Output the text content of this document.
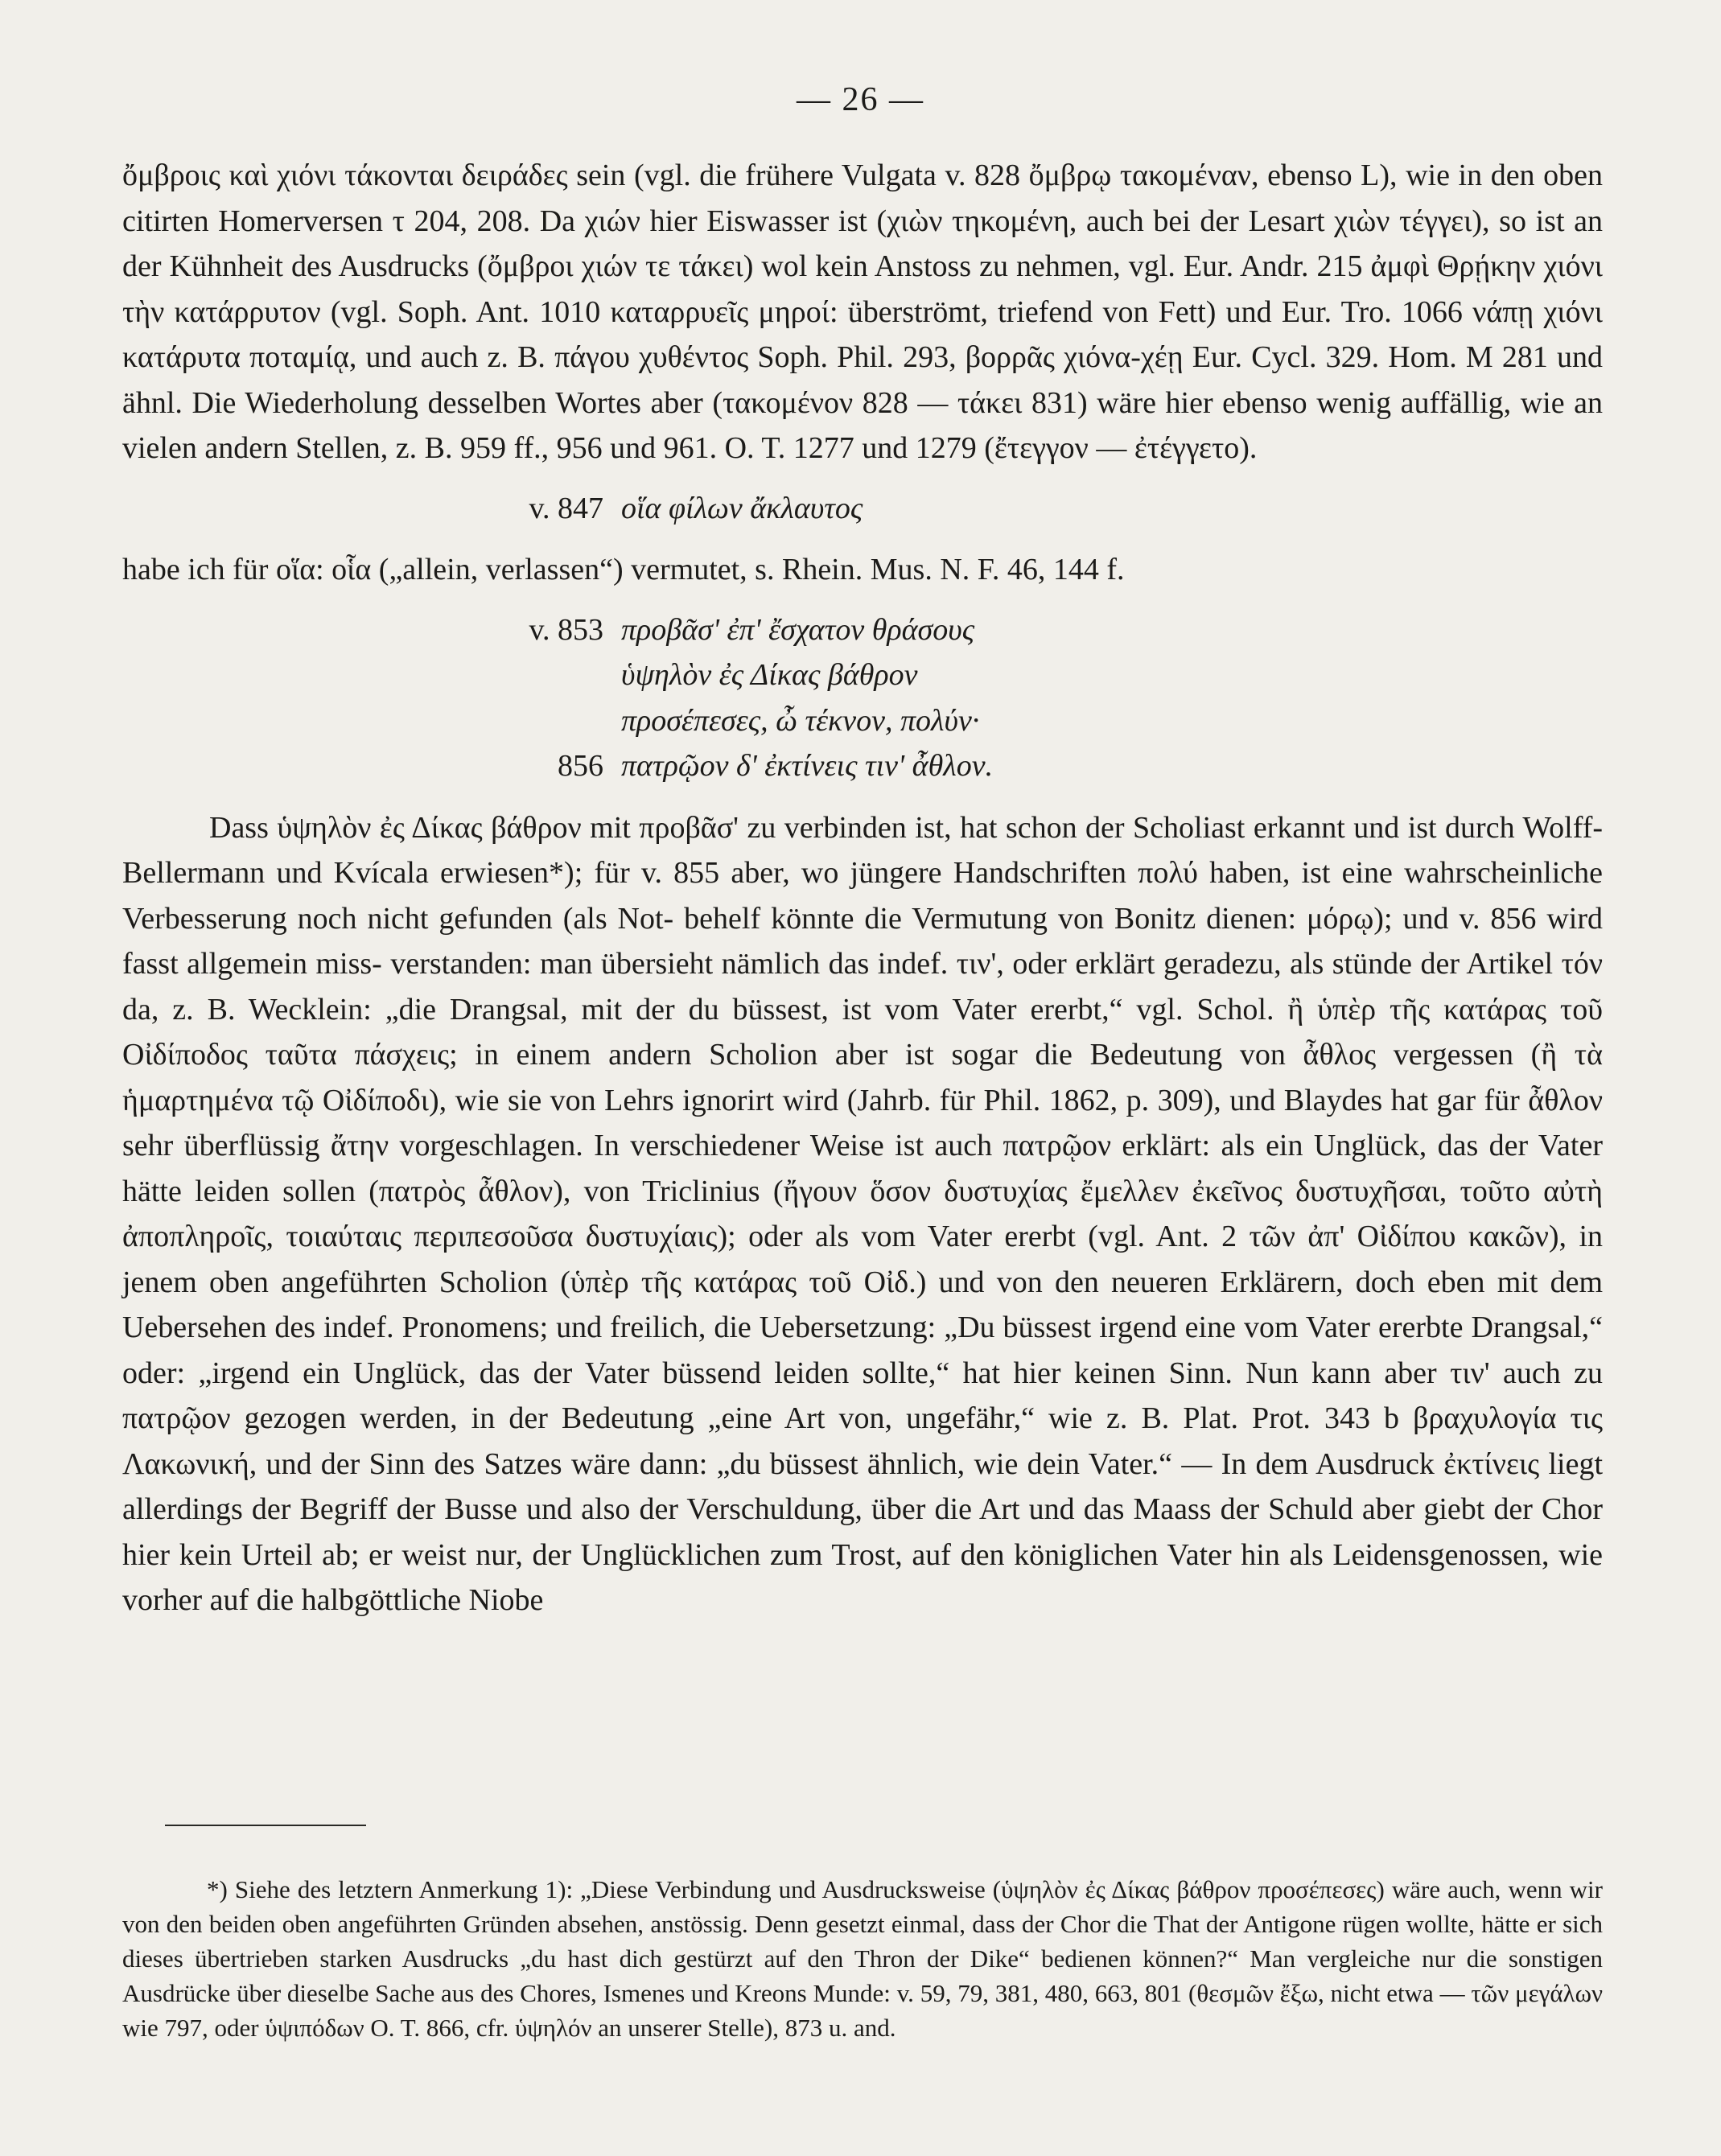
— 26 —

ὄμβροις καὶ χιόνι τάκονται δειράδες sein (vgl. die frühere Vulgata v. 828 ὄμβρῳ τακομέναν, ebenso L), wie in den oben citirten Homerversen τ 204, 208. Da χιών hier Eiswasser ist (χιὼν τηκομένη, auch bei der Lesart χιὼν τέγγει), so ist an der Kühnheit des Ausdrucks (ὄμβροι χιών τε τάκει) wol kein Anstoss zu nehmen, vgl. Eur. Andr. 215 ἀμφὶ Θρῄκην χιόνι τὴν κατάρρυτον (vgl. Soph. Ant. 1010 καταρρυεῖς μηροί: überströmt, triefend von Fett) und Eur. Tro. 1066 νάπῃ χιόνι κατάρυτα ποταμίᾳ, und auch z. B. πάγου χυθέντος Soph. Phil. 293, βορρᾶς χιόνα-χέῃ Eur. Cycl. 329. Hom. M 281 und ähnl. Die Wiederholung desselben Wortes aber (τακομένον 828 — τάκει 831) wäre hier ebenso wenig auffällig, wie an vielen andern Stellen, z. B. 959 ff., 956 und 961. O. T. 1277 und 1279 (ἔτεγγον — ἐτέγγετο).

v. 847 οἵα φίλων ἄκλαυτος

habe ich für οἵα: οἷα („allein, verlassen“) vermutet, s. Rhein. Mus. N. F. 46, 144 f.

v. 853 προβᾶσ' ἐπ' ἔσχατον θράσους
ὑψηλὸν ἐς Δίκας βάθρον
προσέπεσες, ὦ τέκνον, πολύν·
856 πατρῷον δ' ἐκτίνεις τιν' ἆθλον.

Dass ὑψηλὸν ἐς Δίκας βάθρον mit προβᾶσ' zu verbinden ist, hat schon der Scholiast erkannt und ist durch Wolff-Bellermann und Kvícala erwiesen*); für v. 855 aber, wo jüngere Handschriften πολύ haben, ist eine wahrscheinliche Verbesserung noch nicht gefunden (als Not- behelf könnte die Vermutung von Bonitz dienen: μόρῳ); und v. 856 wird fasst allgemein miss- verstanden: man übersieht nämlich das indef. τιν', oder erklärt geradezu, als stünde der Artikel τόν da, z. B. Wecklein: „die Drangsal, mit der du büssest, ist vom Vater ererbt,“ vgl. Schol. ἢ ὑπὲρ τῆς κατάρας τοῦ Οἰδίποδος ταῦτα πάσχεις; in einem andern Scholion aber ist sogar die Bedeutung von ἆθλος vergessen (ἢ τὰ ἡμαρτημένα τῷ Οἰδίποδι), wie sie von Lehrs ignorirt wird (Jahrb. für Phil. 1862, p. 309), und Blaydes hat gar für ἆθλον sehr überflüssig ἄτην vorgeschlagen. In verschiedener Weise ist auch πατρῷον erklärt: als ein Unglück, das der Vater hätte leiden sollen (πατρὸς ἆθλον), von Triclinius (ἤγουν ὅσον δυστυχίας ἔμελλεν ἐκεῖνος δυστυχῆσαι, τοῦτο αὐτὴ ἀποπληροῖς, τοιαύταις περιπεσοῦσα δυστυχίαις); oder als vom Vater ererbt (vgl. Ant. 2 τῶν ἀπ' Οἰδίπου κακῶν), in jenem oben angeführten Scholion (ὑπὲρ τῆς κατάρας τοῦ Οἰδ.) und von den neueren Erklärern, doch eben mit dem Uebersehen des indef. Pronomens; und freilich, die Uebersetzung: „Du büssest irgend eine vom Vater ererbte Drangsal,“ oder: „irgend ein Unglück, das der Vater büssend leiden sollte,“ hat hier keinen Sinn. Nun kann aber τιν' auch zu πατρῷον gezogen werden, in der Bedeutung „eine Art von, ungefähr,“ wie z. B. Plat. Prot. 343 b βραχυλογία τις Λακωνική, und der Sinn des Satzes wäre dann: „du büssest ähnlich, wie dein Vater.“ — In dem Ausdruck ἐκτίνεις liegt allerdings der Begriff der Busse und also der Verschuldung, über die Art und das Maass der Schuld aber giebt der Chor hier kein Urteil ab; er weist nur, der Unglücklichen zum Trost, auf den königlichen Vater hin als Leidensgenossen, wie vorher auf die halbgöttliche Niobe

*) Siehe des letztern Anmerkung 1): „Diese Verbindung und Ausdrucksweise (ὑψηλὸν ἐς Δίκας βάθρον προσέπεσες) wäre auch, wenn wir von den beiden oben angeführten Gründen absehen, anstössig. Denn gesetzt einmal, dass der Chor die That der Antigone rügen wollte, hätte er sich dieses übertrieben starken Ausdrucks „du hast dich gestürzt auf den Thron der Dike“ bedienen können?“ Man vergleiche nur die sonstigen Ausdrücke über dieselbe Sache aus des Chores, Ismenes und Kreons Munde: v. 59, 79, 381, 480, 663, 801 (θεσμῶν ἔξω, nicht etwa — τῶν μεγάλων wie 797, oder ὑψιπόδων O. T. 866, cfr. ὑψηλόν an unserer Stelle), 873 u. and.
